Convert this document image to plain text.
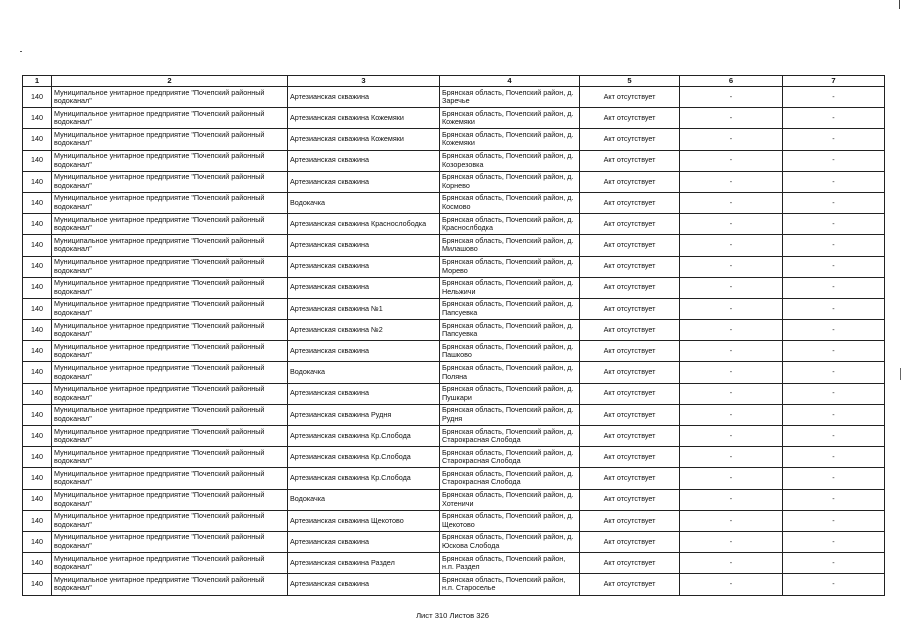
1	2	3	4	5	6	7
140	Муниципальное унитарное предприятие "Почепский районный водоканал"	Артезианская скважина	Брянская область, Почепский район, д. Заречье	Акт отсутствует	-	-
140	Муниципальное унитарное предприятие "Почепский районный водоканал"	Артезианская скважина Кожемяки	Брянская область, Почепский район, д. Кожемяки	Акт отсутствует	-	-
140	Муниципальное унитарное предприятие "Почепский районный водоканал"	Артезианская скважина Кожемяки	Брянская область, Почепский район, д. Кожемяки	Акт отсутствует	-	-
140	Муниципальное унитарное предприятие "Почепский районный водоканал"	Артезианская скважина	Брянская область, Почепский район, д. Козорезовка	Акт отсутствует	-	-
140	Муниципальное унитарное предприятие "Почепский районный водоканал"	Артезианская скважина	Брянская область, Почепский район, д. Корнево	Акт отсутствует	-	-
140	Муниципальное унитарное предприятие "Почепский районный водоканал"	Водокачка	Брянская область, Почепский район, д. Космово	Акт отсутствует	-	-
140	Муниципальное унитарное предприятие "Почепский районный водоканал"	Артезианская скважина Краснослободка	Брянская область, Почепский район, д. Краснослбодка	Акт отсутствует	-	-
140	Муниципальное унитарное предприятие "Почепский районный водоканал"	Артезианская скважина	Брянская область, Почепский район, д. Милашово	Акт отсутствует	-	-
140	Муниципальное унитарное предприятие "Почепский районный водоканал"	Артезианская скважина	Брянская область, Почепский район, д. Морево	Акт отсутствует	-	-
140	Муниципальное унитарное предприятие "Почепский районный водоканал"	Артезианская скважина	Брянская область, Почепский район, д. Нельжичи	Акт отсутствует	-	-
140	Муниципальное унитарное предприятие "Почепский районный водоканал"	Артезианская скважина №1	Брянская область, Почепский район, д. Папсуевка	Акт отсутствует	-	-
140	Муниципальное унитарное предприятие "Почепский районный водоканал"	Артезианская скважина №2	Брянская область, Почепский район, д. Папсуевка	Акт отсутствует	-	-
140	Муниципальное унитарное предприятие "Почепский районный водоканал"	Артезианская скважина	Брянская область, Почепский район, д. Пашково	Акт отсутствует	-	-
140	Муниципальное унитарное предприятие "Почепский районный водоканал"	Водокачка	Брянская область, Почепский район, д. Поляна	Акт отсутствует	-	-
140	Муниципальное унитарное предприятие "Почепский районный водоканал"	Артезианская скважина	Брянская область, Почепский район, д. Пушкари	Акт отсутствует	-	-
140	Муниципальное унитарное предприятие "Почепский районный водоканал"	Артезианская скважина Рудня	Брянская область, Почепский район, д. Рудня	Акт отсутствует	-	-
140	Муниципальное унитарное предприятие "Почепский районный водоканал"	Артезианская скважина Кр.Слобода	Брянская область, Почепский район, д. Старокрасная Слобода	Акт отсутствует	-	-
140	Муниципальное унитарное предприятие "Почепский районный водоканал"	Артезианская скважина Кр.Слобода	Брянская область, Почепский район, д. Старокрасная Слобода	Акт отсутствует	-	-
140	Муниципальное унитарное предприятие "Почепский районный водоканал"	Артезианская скважина Кр.Слобода	Брянская область, Почепский район, д. Старокрасная Слобода	Акт отсутствует	-	-
140	Муниципальное унитарное предприятие "Почепский районный водоканал"	Водокачка	Брянская область, Почепский район, д. Хотеничи	Акт отсутствует	-	-
140	Муниципальное унитарное предприятие "Почепский районный водоканал"	Артезианская скважина Щекотово	Брянская область, Почепский район, д. Щекотово	Акт отсутствует	-	-
140	Муниципальное унитарное предприятие "Почепский районный водоканал"	Артезианская скважина	Брянская область, Почепский район, д. Юскова Слобода	Акт отсутствует	-	-
140	Муниципальное унитарное предприятие "Почепский районный водоканал"	Артезианская скважина Раздел	Брянская область, Почепский район, н.п. Раздел	Акт отсутствует	-	-
140	Муниципальное унитарное предприятие "Почепский районный водоканал"	Артезианская скважина	Брянская область, Почепский район, н.п. Старосельe	Акт отсутствует	-	-
Лист 310 Листов 326
